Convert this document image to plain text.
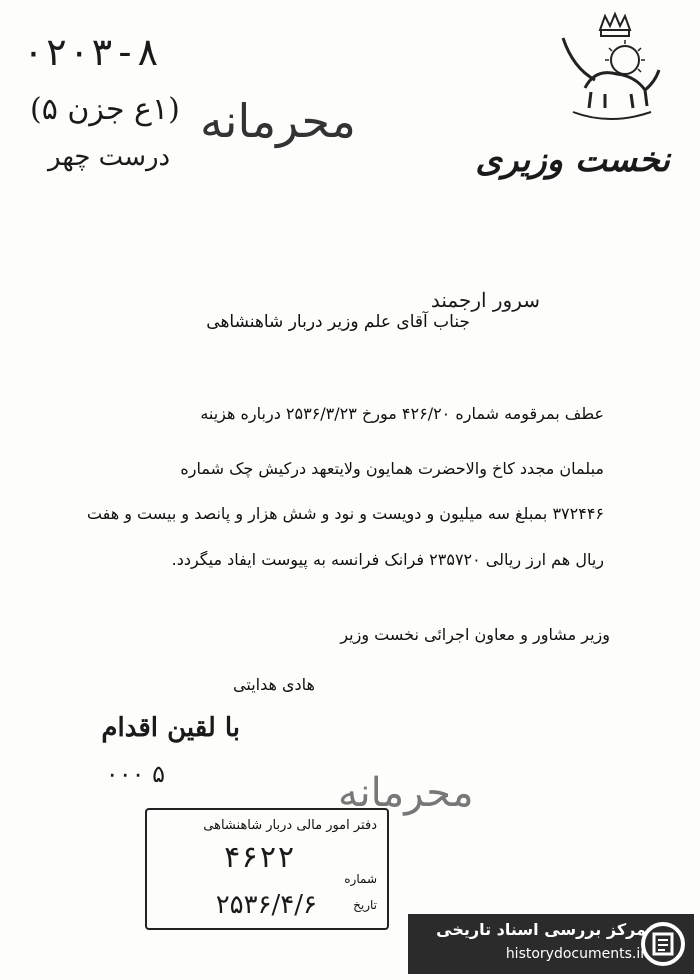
۰۲۰۳-۸
(۱ع جزن ۵)
درست چهر
محرمانه
نخست وزیری
سرور ارجمند
جناب آقای علم وزیر دربار شاهنشاهی
عطف بمرقومه شماره ۴۲۶/۲۰ مورخ ۲۵۳۶/۳/۲۳ درباره هزینه
مبلمان مجدد کاخ والاحضرت همایون ولایتعهد درکیش چک شماره
۳۷۲۴۴۶ بمبلغ سه میلیون و دویست و نود و شش هزار و پانصد و بیست و هفت
ریال هم ارز ریالی ۲۳۵۷۲۰ فرانک فرانسه به پیوست ایفاد میگردد.
وزیر مشاور و معاون اجرائی نخست وزیر
هادی هدایتی
با لقین اقدام
۵ ۰۰۰	محرمانه
دفتر امور مالی دربار شاهنشاهی
۴۶۲۲
شماره
تاریخ
۲۵۳۶/۴/۶
مرکز بررسی اسناد تاریخی
historydocuments.ir
